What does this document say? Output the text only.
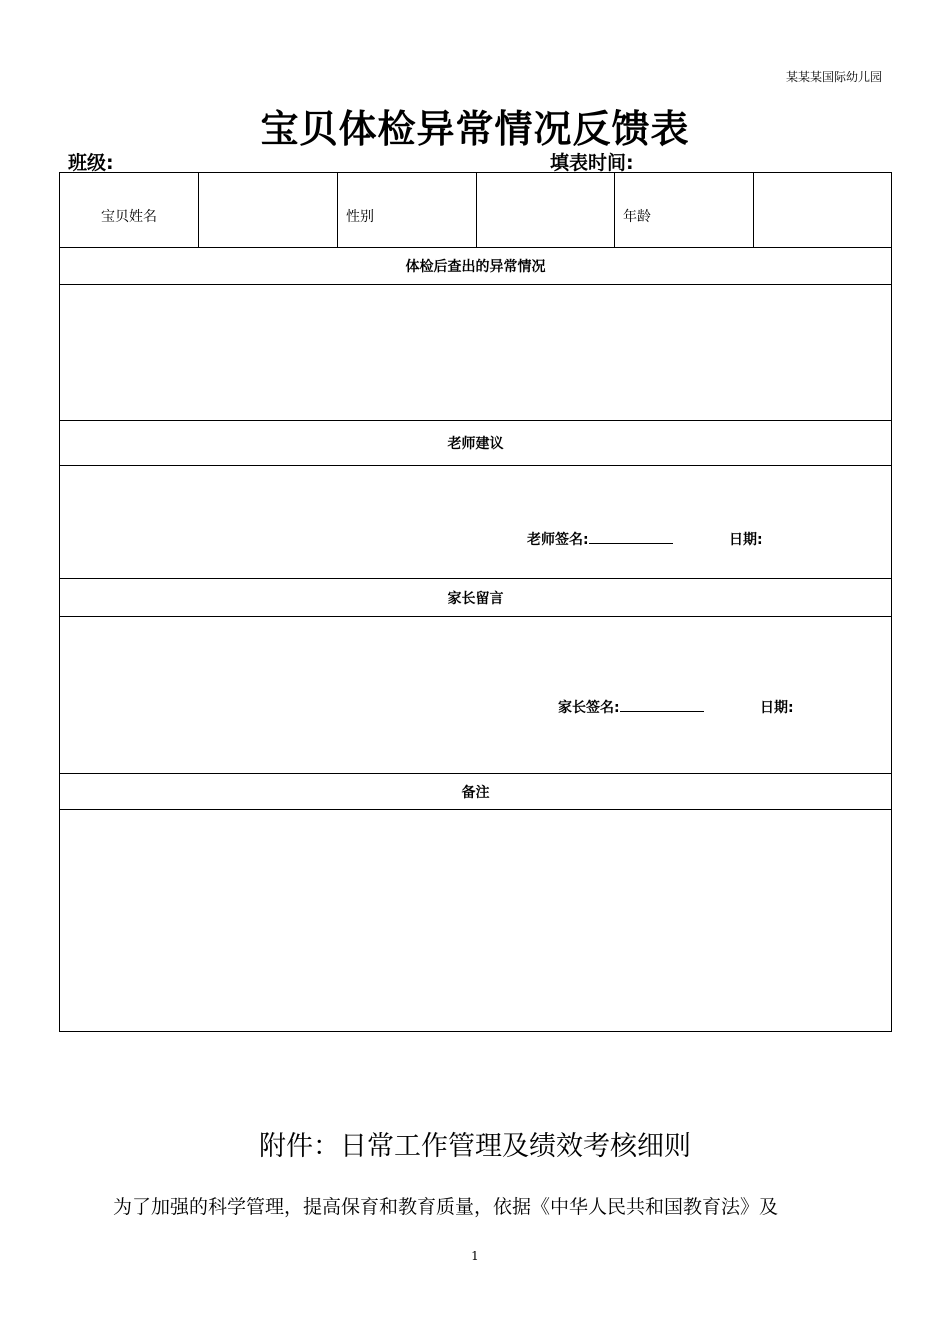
某某某国际幼儿园
宝贝体检异常情况反馈表
班级:	填表时间:
宝贝姓名		性别		年龄	
体检后查出的异常情况

老师建议

老师签名:	日期:

家长留言

家长签名:	日期:

备注

附件：日常工作管理及绩效考核细则
为了加强的科学管理，提高保育和教育质量，依据《中华人民共和国教育法》及
1
